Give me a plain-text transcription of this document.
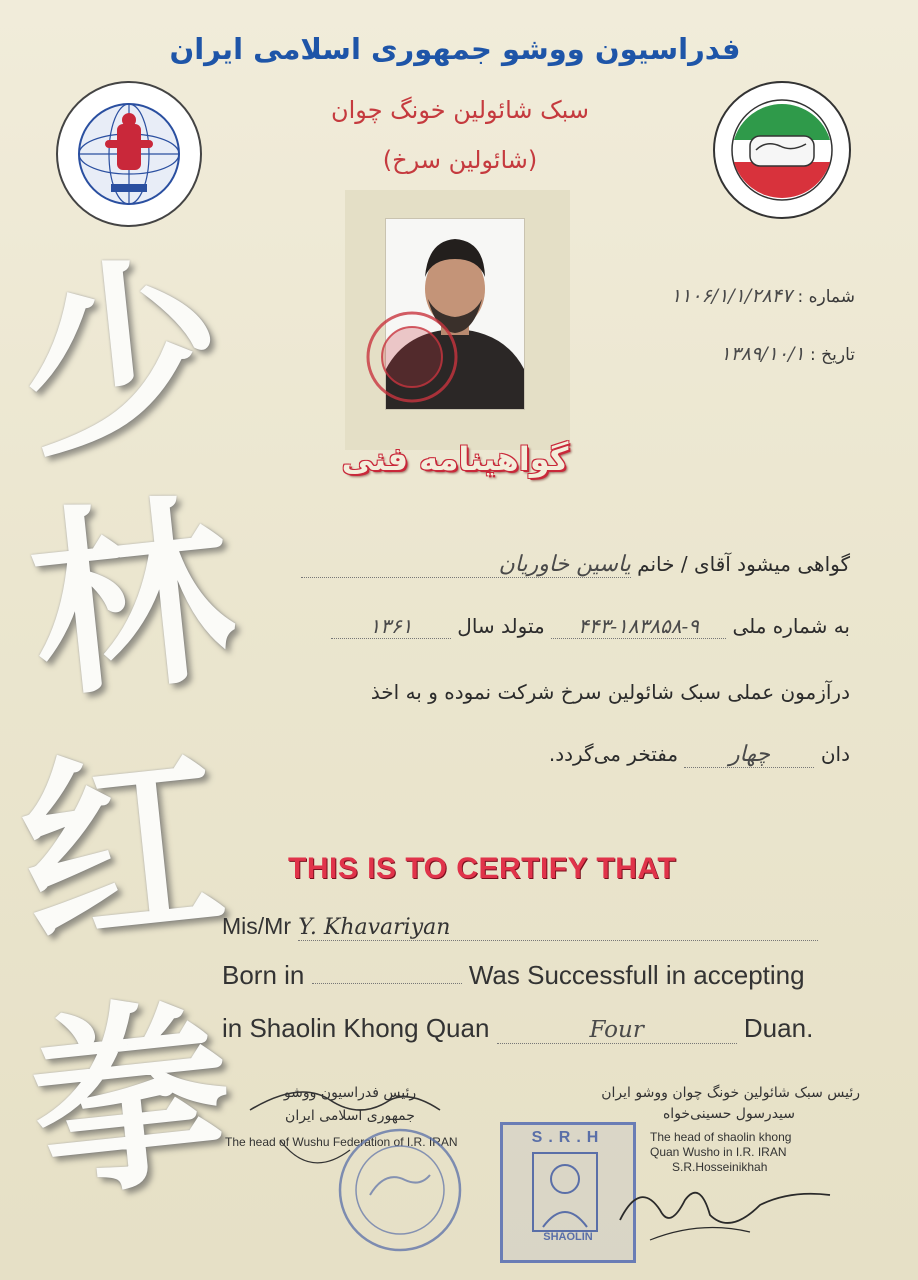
少
林
红
拳
فدراسیون ووشو جمهوری اسلامی ایران
سبک شائولین خونگ چوان
(شائولین سرخ)
شماره : ۱۱۰۶/۱/۱/۲۸۴۷
تاریخ : ۱۳۸۹/۱۰/۱
گواهینامه فنی
گواهی میشود آقای / خانم یاسین خاوریان
به شماره ملی ۴۴۳-۱۸۳۸۵۸-۹ متولد سال ۱۳۶۱
درآزمون عملی سبک شائولین سرخ شرکت نموده و به اخذ
دان چهار مفتخر می‌گردد.
THIS IS TO CERTIFY THAT
Mis/Mr Y. Khavariyan
Born in	Was Successfull in accepting
in Shaolin Khong Quan	Four	Duan.
رئیس فدراسیون ووشو
جمهوری اسلامی ایران
The head of Wushu Federation of I.R. IRAN
رئیس سبک شائولین خونگ چوان ووشو ایران
سیدرسول حسینی‌خواه
The head of shaolin khong
Quan Wusho in I.R. IRAN
S.R.Hosseinikhah
S.R.H
SHAOLIN
